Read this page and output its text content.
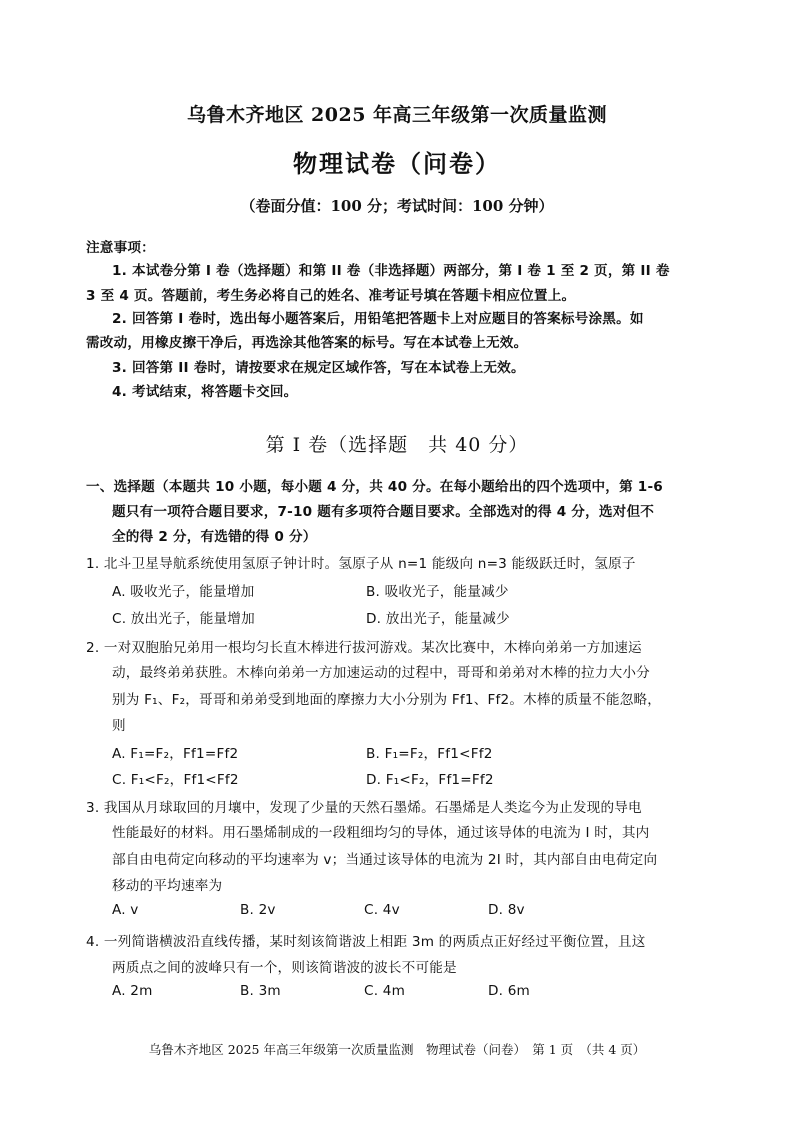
乌鲁木齐地区 2025 年高三年级第一次质量监测
物理试卷（问卷）
（卷面分值：100 分；考试时间：100 分钟）
注意事项：
1. 本试卷分第 I 卷（选择题）和第 II 卷（非选择题）两部分，第 I 卷 1 至 2 页，第 II 卷
3 至 4 页。答题前，考生务必将自己的姓名、准考证号填在答题卡相应位置上。
2. 回答第 I 卷时，选出每小题答案后，用铅笔把答题卡上对应题目的答案标号涂黑。如
需改动，用橡皮擦干净后，再选涂其他答案的标号。写在本试卷上无效。
3. 回答第 II 卷时，请按要求在规定区域作答，写在本试卷上无效。
4. 考试结束，将答题卡交回。
第 I 卷（选择题　共 40 分）
一、选择题（本题共 10 小题，每小题 4 分，共 40 分。在每小题给出的四个选项中，第 1-6
题只有一项符合题目要求，7-10 题有多项符合题目要求。全部选对的得 4 分，选对但不
全的得 2 分，有选错的得 0 分）
1. 北斗卫星导航系统使用氢原子钟计时。氢原子从 n=1 能级向 n=3 能级跃迁时，氢原子
A. 吸收光子，能量增加	B. 吸收光子，能量减少
C. 放出光子，能量增加	D. 放出光子，能量减少
2. 一对双胞胎兄弟用一根均匀长直木棒进行拔河游戏。某次比赛中，木棒向弟弟一方加速运
动，最终弟弟获胜。木棒向弟弟一方加速运动的过程中，哥哥和弟弟对木棒的拉力大小分
别为 F₁、F₂，哥哥和弟弟受到地面的摩擦力大小分别为 Ff1、Ff2。木棒的质量不能忽略，
则
A. F₁=F₂，Ff1=Ff2	B. F₁=F₂，Ff1<Ff2
C. F₁<F₂，Ff1<Ff2	D. F₁<F₂，Ff1=Ff2
3. 我国从月球取回的月壤中，发现了少量的天然石墨烯。石墨烯是人类迄今为止发现的导电
性能最好的材料。用石墨烯制成的一段粗细均匀的导体，通过该导体的电流为 I 时，其内
部自由电荷定向移动的平均速率为 v；当通过该导体的电流为 2I 时，其内部自由电荷定向
移动的平均速率为
A. v	B. 2v	C. 4v	D. 8v
4. 一列简谐横波沿直线传播，某时刻该简谐波上相距 3m 的两质点正好经过平衡位置，且这
两质点之间的波峰只有一个，则该简谐波的波长不可能是
A. 2m	B. 3m	C. 4m	D. 6m
乌鲁木齐地区 2025 年高三年级第一次质量监测　物理试卷（问卷）　第 1 页　（共 4 页）
